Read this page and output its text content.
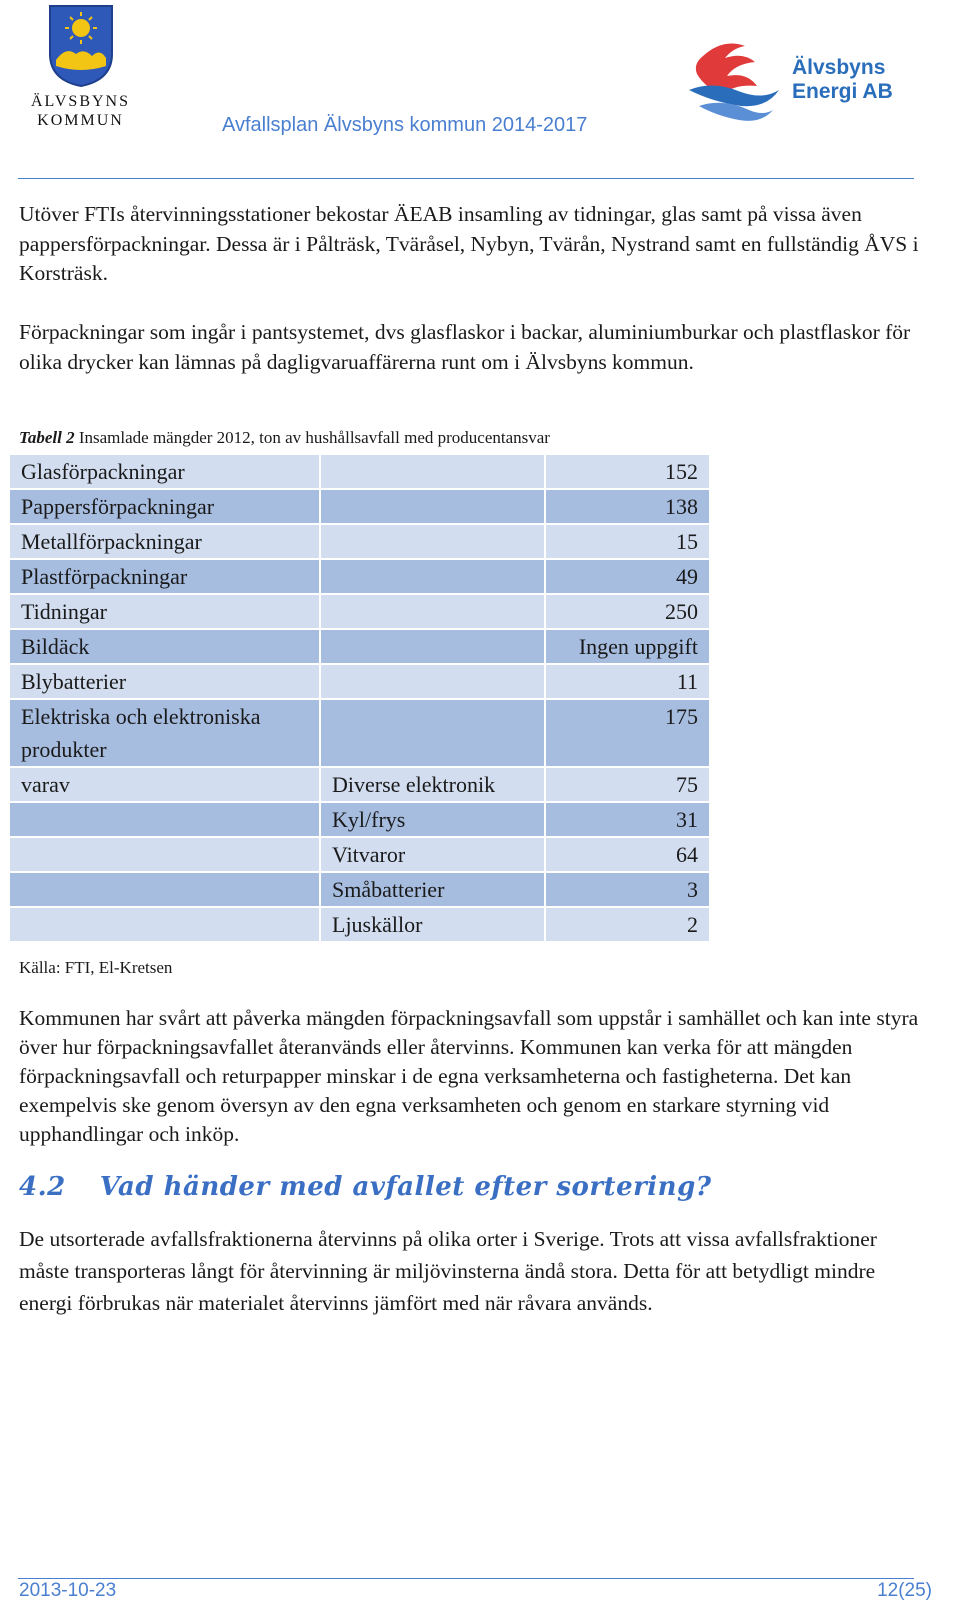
ÄLVSBYNS
KOMMUN
Älvsbyns
Energi AB
Avfallsplan Älvsbyns kommun 2014-2017

Utöver FTIs återvinningsstationer bekostar ÄEAB insamling av tidningar, glas samt på vissa även pappersförpackningar. Dessa är i Pålträsk, Tväråsel, Nybyn, Tvärån, Nystrand samt en fullständig ÅVS i Korsträsk.

Förpackningar som ingår i pantsystemet, dvs glasflaskor i backar, aluminiumburkar och plastflaskor för olika drycker kan lämnas på dagligvaruaffärerna runt om i Älvsbyns kommun.

Tabell 2 Insamlade mängder 2012, ton av hushållsavfall med producentansvar
Glasförpackningar		152
Pappersförpackningar		138
Metallförpackningar		15
Plastförpackningar		49
Tidningar		250
Bildäck		Ingen uppgift
Blybatterier		11
Elektriska och elektroniska produkter		175
varav	Diverse elektronik	75
	Kyl/frys	31
	Vitvaror	64
	Småbatterier	3
	Ljuskällor	2
Källa: FTI, El-Kretsen

Kommunen har svårt att påverka mängden förpackningsavfall som uppstår i samhället och kan inte styra över hur förpackningsavfallet återanvänds eller återvinns. Kommunen kan verka för att mängden förpackningsavfall och returpapper minskar i de egna verksamheterna och fastigheterna. Det kan exempelvis ske genom översyn av den egna verksamheten och genom en starkare styrning vid upphandlingar och inköp.

4.2 Vad händer med avfallet efter sortering?

De utsorterade avfallsfraktionerna återvinns på olika orter i Sverige. Trots att vissa avfallsfraktioner måste transporteras långt för återvinning är miljövinsterna ändå stora. Detta för att betydligt mindre energi förbrukas när materialet återvinns jämfört med när råvara används.

2013-10-23	12(25)
